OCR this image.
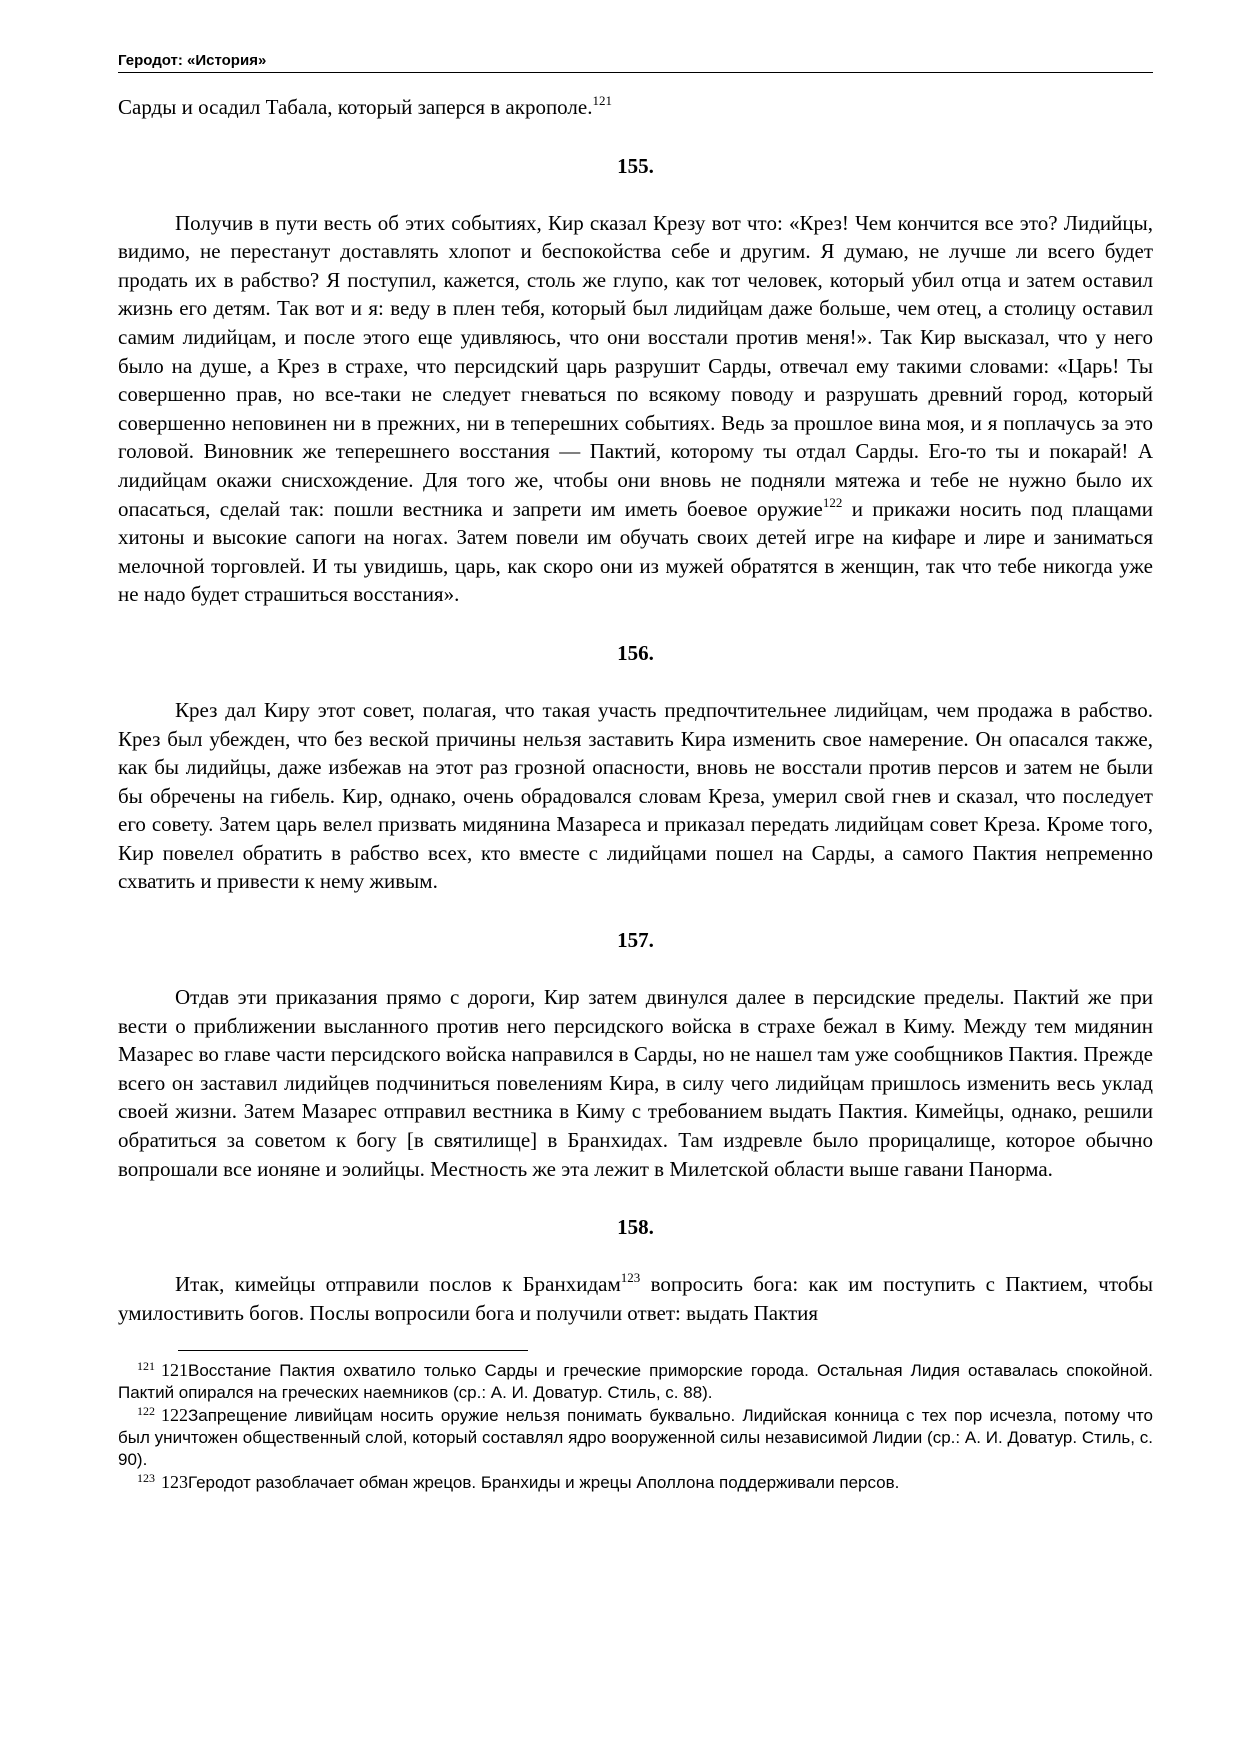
Геродот: «История»

Сарды и осадил Табала, который заперся в акрополе.$^{121}$

155.

Получив в пути весть об этих событиях, Кир сказал Крезу вот что: «Крез! Чем кончится все это? Лидийцы, видимо, не перестанут доставлять хлопот и беспокойства себе и другим. Я думаю, не лучше ли всего будет продать их в рабство? Я поступил, кажется, столь же глупо, как тот человек, который убил отца и затем оставил жизнь его детям. Так вот и я: веду в плен тебя, который был лидийцам даже больше, чем отец, а столицу оставил самим лидийцам, и после этого еще удивляюсь, что они восстали против меня!». Так Кир высказал, что у него было на душе, а Крез в страхе, что персидский царь разрушит Сарды, отвечал ему такими словами: «Царь! Ты совершенно прав, но все-таки не следует гневаться по всякому поводу и разрушать древний город, который совершенно неповинен ни в прежних, ни в теперешних событиях. Ведь за прошлое вина моя, и я поплачусь за это головой. Виновник же теперешнего восстания — Пактий, которому ты отдал Сарды. Его-то ты и покарай! А лидийцам окажи снисхождение. Для того же, чтобы они вновь не подняли мятежа и тебе не нужно было их опасаться, сделай так: пошли вестника и запрети им иметь боевое оружие$^{122}$ и прикажи носить под плащами хитоны и высокие сапоги на ногах. Затем повели им обучать своих детей игре на кифаре и лире и заниматься мелочной торговлей. И ты увидишь, царь, как скоро они из мужей обратятся в женщин, так что тебе никогда уже не надо будет страшиться восстания».

156.

Крез дал Киру этот совет, полагая, что такая участь предпочтительнее лидийцам, чем продажа в рабство. Крез был убежден, что без веской причины нельзя заставить Кира изменить свое намерение. Он опасался также, как бы лидийцы, даже избежав на этот раз грозной опасности, вновь не восстали против персов и затем не были бы обречены на гибель. Кир, однако, очень обрадовался словам Креза, умерил свой гнев и сказал, что последует его совету. Затем царь велел призвать мидянина Мазареса и приказал передать лидийцам совет Креза. Кроме того, Кир повелел обратить в рабство всех, кто вместе с лидийцами пошел на Сарды, а самого Пактия непременно схватить и привести к нему живым.

157.

Отдав эти приказания прямо с дороги, Кир затем двинулся далее в персидские пределы. Пактий же при вести о приближении высланного против него персидского войска в страхе бежал в Киму. Между тем мидянин Мазарес во главе части персидского войска направился в Сарды, но не нашел там уже сообщников Пактия. Прежде всего он заставил лидийцев подчиниться повелениям Кира, в силу чего лидийцам пришлось изменить весь уклад своей жизни. Затем Мазарес отправил вестника в Киму с требованием выдать Пактия. Кимейцы, однако, решили обратиться за советом к богу [в святилище] в Бранхидах. Там издревле было прорицалище, которое обычно вопрошали все ионяне и эолийцы. Местность же эта лежит в Милетской области выше гавани Панорма.

158.

Итак, кимейцы отправили послов к Бранхидам$^{123}$ вопросить бога: как им поступить с Пактием, чтобы умилостивить богов. Послы вопросили бога и получили ответ: выдать Пактия

$^{121}$ 121Восстание Пактия охватило только Сарды и греческие приморские города. Остальная Лидия оставалась спокойной. Пактий опирался на греческих наемников (ср.: А. И. Доватур. Стиль, с. 88).

$^{122}$ 122Запрещение ливийцам носить оружие нельзя понимать буквально. Лидийская конница с тех пор исчезла, потому что был уничтожен общественный слой, который составлял ядро вооруженной силы независимой Лидии (ср.: А. И. Доватур. Стиль, с. 90).

$^{123}$ 123Геродот разоблачает обман жрецов. Бранхиды и жрецы Аполлона поддерживали персов.
